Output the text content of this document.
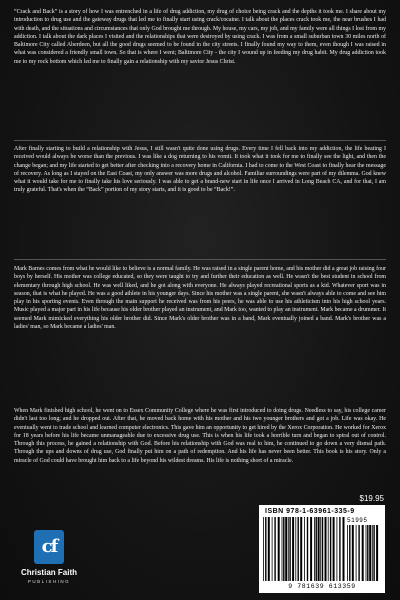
“Crack and Back” is a story of how I was entrenched in a life of drug addiction, my drug of choice being crack and the depths it took me. I share about my introduction to drug use and the gateway drugs that led me to finally start using crack/cocaine. I talk about the places crack took me, the near brushes I had with death, and the situations and circumstances that only God brought me through. My house, my cars, my job, and my family were all things I lost from my addiction. I talk about the dark places I visited and the relationships that were destroyed by using crack. I was from a small suburban town 30 miles north of Baltimore City called Aberdeen, but all the good drugs seemed to be found in the city streets. I finally found my way to them, even though I was raised in what was considered a friendly small town. So that is where I went; Baltimore City - the city I wound up in feeding my drug habit. My drug addiction took me to my rock bottom which led me to finally gain a relationship with my savior Jesus Christ.

After finally starting to build a relationship with Jesus, I still wasn't quite done using drugs. Every time I fell back into my addiction, the life beating I received would always be worse than the previous. I was like a dog returning to his vomit. It took what it took for me to finally see the light, and then the change began; and my life started to get better after checking into a recovery home in California. I had to come to the West Coast to finally hear the message of recovery. As long as I stayed on the East Coast, my only answer was more drugs and alcohol. Familiar surroundings were part of my dilemma. God knew what it would take for me to finally take his love seriously. I was able to get a brand-new start in life once I arrived in Long Beach CA, and for that, I am truly grateful. That's when the “Back” portion of my story starts, and it is good to be “Back!”.

Mark Barnes comes from what he would like to believe is a normal family. He was raised in a single parent home, and his mother did a great job raising four boys by herself. His mother was college educated, so they were taught to try and further their education as well. He wasn't the best student in school from elementary through high school. He was well liked, and he got along with everyone. He always played recreational sports as a kid. Whatever sport was in season, that is what he played. He was a good athlete in his younger days. Since his mother was a single parent, she wasn't always able to come and see him play in his sporting events. Even through the main support he received was from his peers, he was able to use his athleticism into his high school years. Music played a major part in his life because his older brother played an instrument, and Mark too, wanted to play an instrument. Mark became a drummer. It seemed Mark mimicked everything his older brother did. Since Mark's older brother was in a band, Mark eventually joined a band. Mark's brother was a ladies' man, so Mark became a ladies' man.

When Mark finished high school, he went on to Essex Community College where he was first introduced to doing drugs. Needless to say, his college career didn't last too long; and he dropped out. After that, he moved back home with his mother and his two younger brothers and got a job. Life was okay. He eventually went to trade school and learned computer electronics. This gave him an opportunity to get hired by the Xerox Corporation. He worked for Xerox for 18 years before his life became unmanageable due to excessive drug use. This is when his life took a horrible turn and began to spiral out of control. Through this process, he gained a relationship with God. Before his relationship with God was real to him, he continued to go down a very dismal path. Through the ups and downs of drug use, God finally put him on a path of redemption. And his life has never been better. This book is his story. Only a miracle of God could have brought him back to a life beyond his wildest dreams. His life is nothing short of a miracle.

cf
Christian Faith
PUBLISHING
$19.95
ISBN 978-1-63961-335-9
51995
9 781639 613359
